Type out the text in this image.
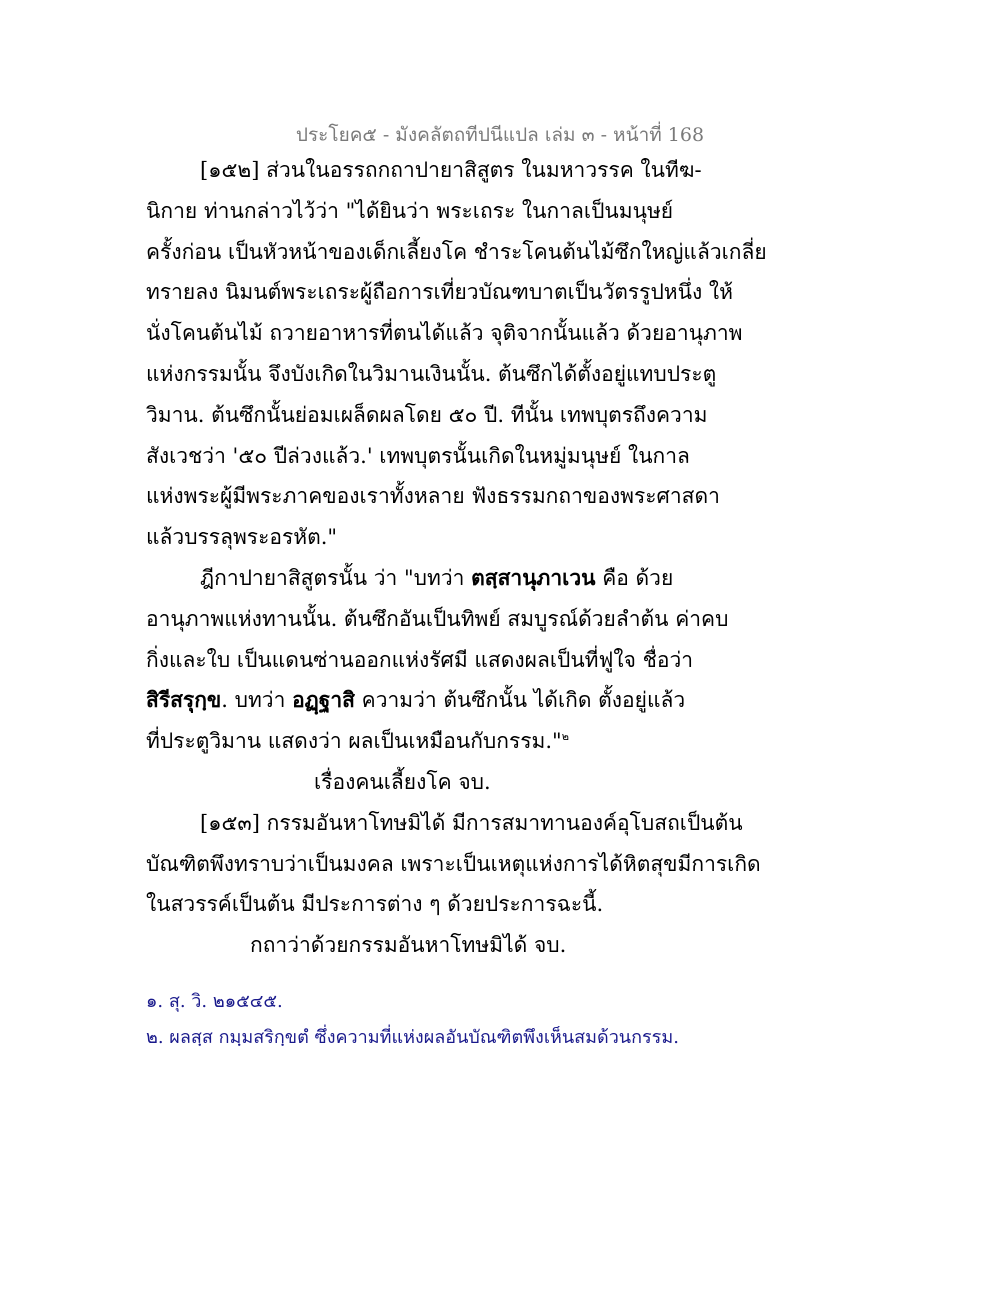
ประโยค๕ - มังคลัตถทีปนีแปล เล่ม ๓ - หน้าที่ 168
[๑๕๒] ส่วนในอรรถกถาปายาสิสูตร ในมหาวรรค ในทีฆ-
นิกาย ท่านกล่าวไว้ว่า "ได้ยินว่า พระเถระ ในกาลเป็นมนุษย์
ครั้งก่อน เป็นหัวหน้าของเด็กเลี้ยงโค ชำระโคนต้นไม้ซึกใหญ่แล้วเกลี่ย
ทรายลง นิมนต์พระเถระผู้ถือการเที่ยวบัณฑบาตเป็นวัตรรูปหนึ่ง ให้
นั่งโคนต้นไม้ ถวายอาหารที่ตนได้แล้ว จุติจากนั้นแล้ว ด้วยอานุภาพ
แห่งกรรมนั้น จึงบังเกิดในวิมานเงินนั้น. ต้นซึกได้ตั้งอยู่แทบประตู
วิมาน. ต้นซึกนั้นย่อมเผล็ดผลโดย ๕๐ ปี. ทีนั้น เทพบุตรถึงความ
สังเวชว่า '๕๐ ปีล่วงแล้ว.' เทพบุตรนั้นเกิดในหมู่มนุษย์ ในกาล
แห่งพระผู้มีพระภาคของเราทั้งหลาย ฟังธรรมกถาของพระศาสดา
แล้วบรรลุพระอรหัต."
ฎีกาปายาสิสูตรนั้น ว่า "บทว่า ตสฺสานุภาเวน คือ ด้วย
อานุภาพแห่งทานนั้น. ต้นซึกอันเป็นทิพย์ สมบูรณ์ด้วยลำต้น ค่าคบ
กิ่งและใบ เป็นแดนซ่านออกแห่งรัศมี แสดงผลเป็นที่ฟูใจ ชื่อว่า
สิรีสรุกฺข. บทว่า อฏฺฐาสิ ความว่า ต้นซึกนั้น ได้เกิด ตั้งอยู่แล้ว
ที่ประตูวิมาน แสดงว่า ผลเป็นเหมือนกับกรรม."$^๒$
เรื่องคนเลี้ยงโค จบ.
[๑๕๓] กรรมอันหาโทษมิได้ มีการสมาทานองค์อุโบสถเป็นต้น
บัณฑิตพึงทราบว่าเป็นมงคล เพราะเป็นเหตุแห่งการได้หิตสุขมีการเกิด
ในสวรรค์เป็นต้น มีประการต่าง ๆ ด้วยประการฉะนี้.
กถาว่าด้วยกรรมอันหาโทษมิได้ จบ.
๑. สุ. วิ. ๒๑๕๔๕.
๒. ผลสฺส กมฺมสริกฺขตํ ซึ่งความที่แห่งผลอันบัณฑิตพึงเห็นสมด้วนกรรม.
